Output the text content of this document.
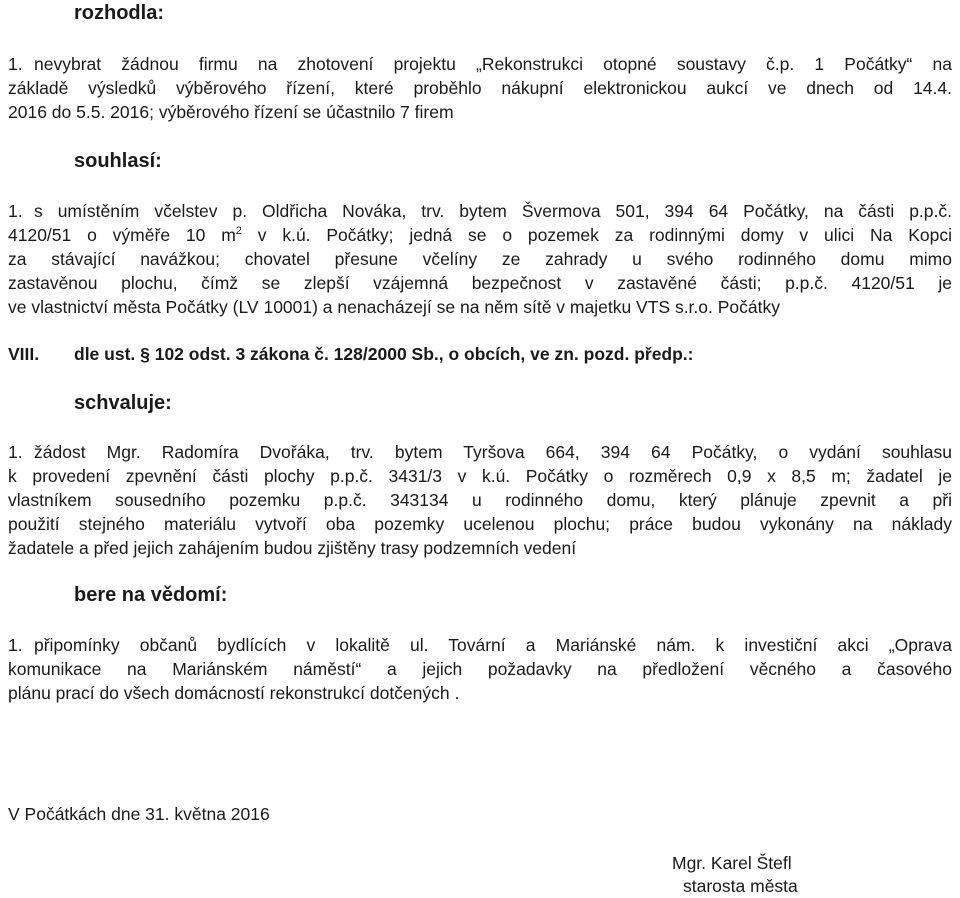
rozhodla:
1. nevybrat žádnou firmu na zhotovení projektu „Rekonstrukci otopné soustavy č.p. 1 Počátky“ na
základě výsledků výběrového řízení, které proběhlo nákupní elektronickou aukcí ve dnech od 14.4.
2016 do 5.5. 2016; výběrového řízení se účastnilo 7 firem
souhlasí:
1. s umístěním včelstev p. Oldřicha Nováka, trv. bytem Švermova 501, 394 64 Počátky, na části p.p.č.
4120/51 o výměře 10 $m^2$ v k.ú. Počátky; jedná se o pozemek za rodinnými domy v ulici Na Kopci
za stávající navážkou; chovatel přesune včelíny ze zahrady u svého rodinného domu mimo
zastavěnou plochu, čímž se zlepší vzájemná bezpečnost v zastavěné části; p.p.č. 4120/51 je
ve vlastnictví města Počátky (LV 10001) a nenacházejí se na něm sítě v majetku VTS s.r.o. Počátky
VIII. dle ust. § 102 odst. 3 zákona č. 128/2000 Sb., o obcích, ve zn. pozd. předp.:
schvaluje:
1. žádost Mgr. Radomíra Dvořáka, trv. bytem Tyršova 664, 394 64 Počátky, o vydání souhlasu
k provedení zpevnění části plochy p.p.č. 3431/3 v k.ú. Počátky o rozměrech 0,9 x 8,5 m; žadatel je
vlastníkem sousedního pozemku p.p.č. 343134 u rodinného domu, který plánuje zpevnit a při
použití stejného materiálu vytvoří oba pozemky ucelenou plochu; práce budou vykonány na náklady
žadatele a před jejich zahájením budou zjištěny trasy podzemních vedení
bere na vědomí:
1. připomínky občanů bydlících v lokalitě ul. Tovární a Mariánské nám. k investiční akci „Oprava
komunikace na Mariánském náměstí“ a jejich požadavky na předložení věcného a časového
plánu prací do všech domácností rekonstrukcí dotčených .
V Počátkách dne 31. května 2016
Mgr. Karel Štefl
starosta města
